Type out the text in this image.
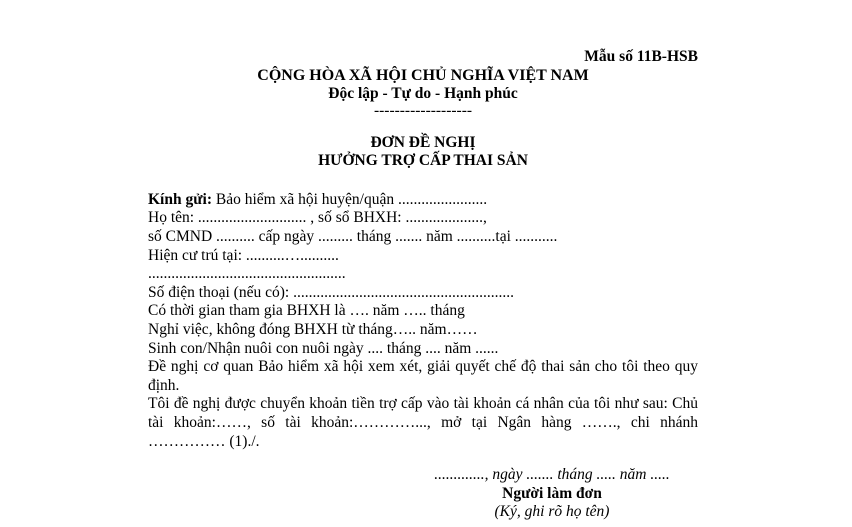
Mẫu số 11B-HSB
CỘNG HÒA XÃ HỘI CHỦ NGHĨA VIỆT NAM
Độc lập - Tự do - Hạnh phúc
-------------------
ĐƠN ĐỀ NGHỊ
HƯỞNG TRỢ CẤP THAI SẢN
Kính gửi: Bảo hiểm xã hội huyện/quận .......................
Họ tên: ............................ , số sổ BHXH: ....................,
số CMND .......... cấp ngày ......... tháng ....... năm ..........tại ...........
Hiện cư trú tại: ..........…..........
...................................................
Số điện thoại (nếu có): .........................................................
Có thời gian tham gia BHXH là …. năm ….. tháng
Nghỉ việc, không đóng BHXH từ tháng….. năm……
Sinh con/Nhận nuôi con nuôi ngày .... tháng .... năm ......
Đề nghị cơ quan Bảo hiểm xã hội xem xét, giải quyết chế độ thai sản cho tôi theo quy định.
Tôi đề nghị được chuyển khoản tiền trợ cấp vào tài khoản cá nhân của tôi như sau: Chủ tài khoản:……, số tài khoản:…………..., mở tại Ngân hàng ……., chi nhánh …………… (1)./.
............., ngày ....... tháng ..... năm .....
Người làm đơn
(Ký, ghi rõ họ tên)
